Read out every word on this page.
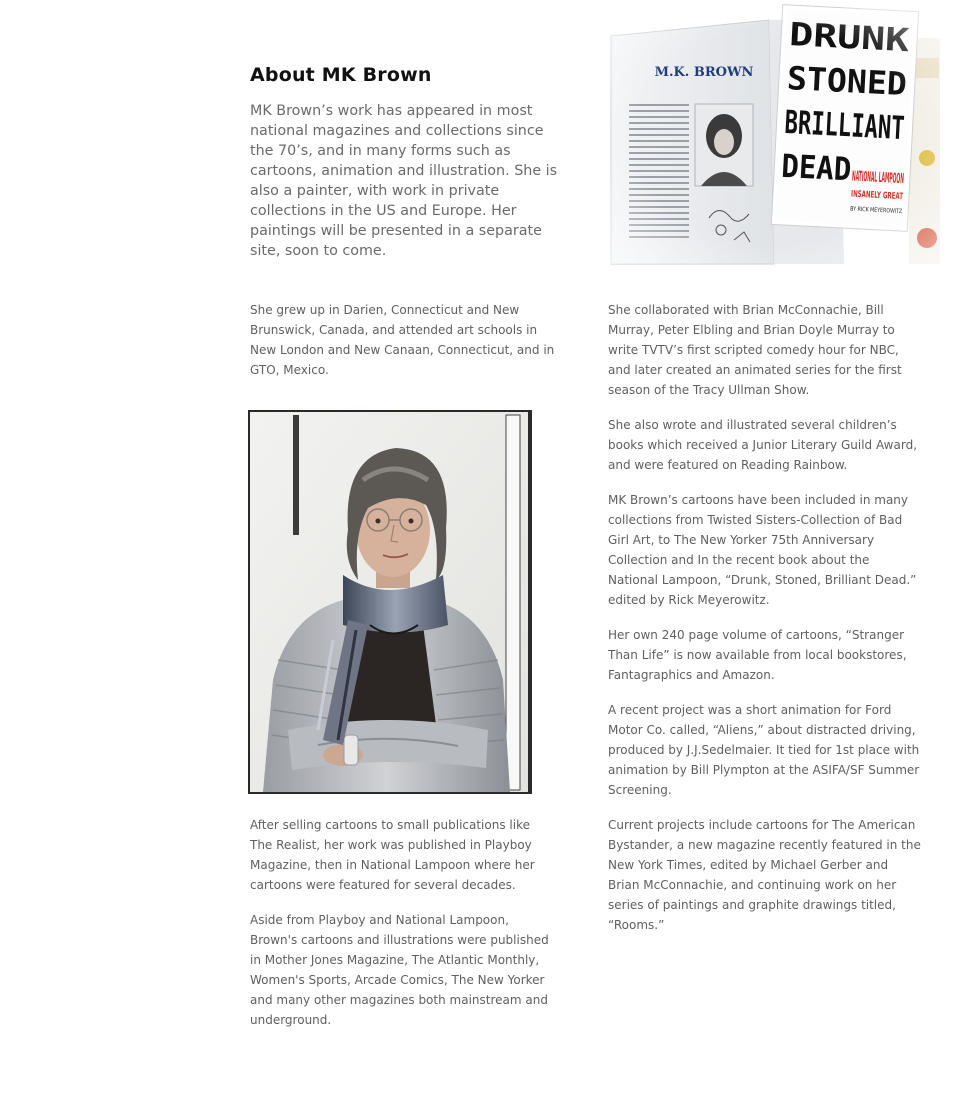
About MK Brown

MK Brown’s work has appeared in most national magazines and collections since the 70’s, and in many forms such as cartoons, animation and illustration. She is also a painter, with work in private collections in the US and Europe. Her paintings will be presented in a separate site, soon to come.

She grew up in Darien, Connecticut and New Brunswick, Canada, and attended art schools in New London and New Canaan, Connecticut, and in GTO, Mexico.

After selling cartoons to small publications like The Realist, her work was published in Playboy Magazine, then in National Lampoon where her cartoons were featured for several decades.

Aside from Playboy and National Lampoon, Brown's cartoons and illustrations were published in Mother Jones Magazine, The Atlantic Monthly, Women's Sports, Arcade Comics, The New Yorker and many other magazines both mainstream and underground.

She collaborated with Brian McConnachie, Bill Murray, Peter Elbling and Brian Doyle Murray to write TVTV’s first scripted comedy hour for NBC, and later created an animated series for the first season of the Tracy Ullman Show.

She also wrote and illustrated several children’s books which received a Junior Literary Guild Award, and were featured on Reading Rainbow.

MK Brown’s cartoons have been included in many collections from Twisted Sisters-Collection of Bad Girl Art, to The New Yorker 75th Anniversary Collection and In the recent book about the National Lampoon, “Drunk, Stoned, Brilliant Dead.” edited by Rick Meyerowitz.

Her own 240 page volume of cartoons, “Stranger Than Life” is now available from local bookstores, Fantagraphics and Amazon.

A recent project was a short animation for Ford Motor Co. called, “Aliens,” about distracted driving, produced by J.J.Sedelmaier. It tied for 1st place with animation by Bill Plympton at the ASIFA/SF Summer Screening.

Current projects include cartoons for The American Bystander, a new magazine recently featured in the New York Times, edited by Michael Gerber and Brian McConnachie, and continuing work on her series of paintings and graphite drawings titled, “Rooms.”
